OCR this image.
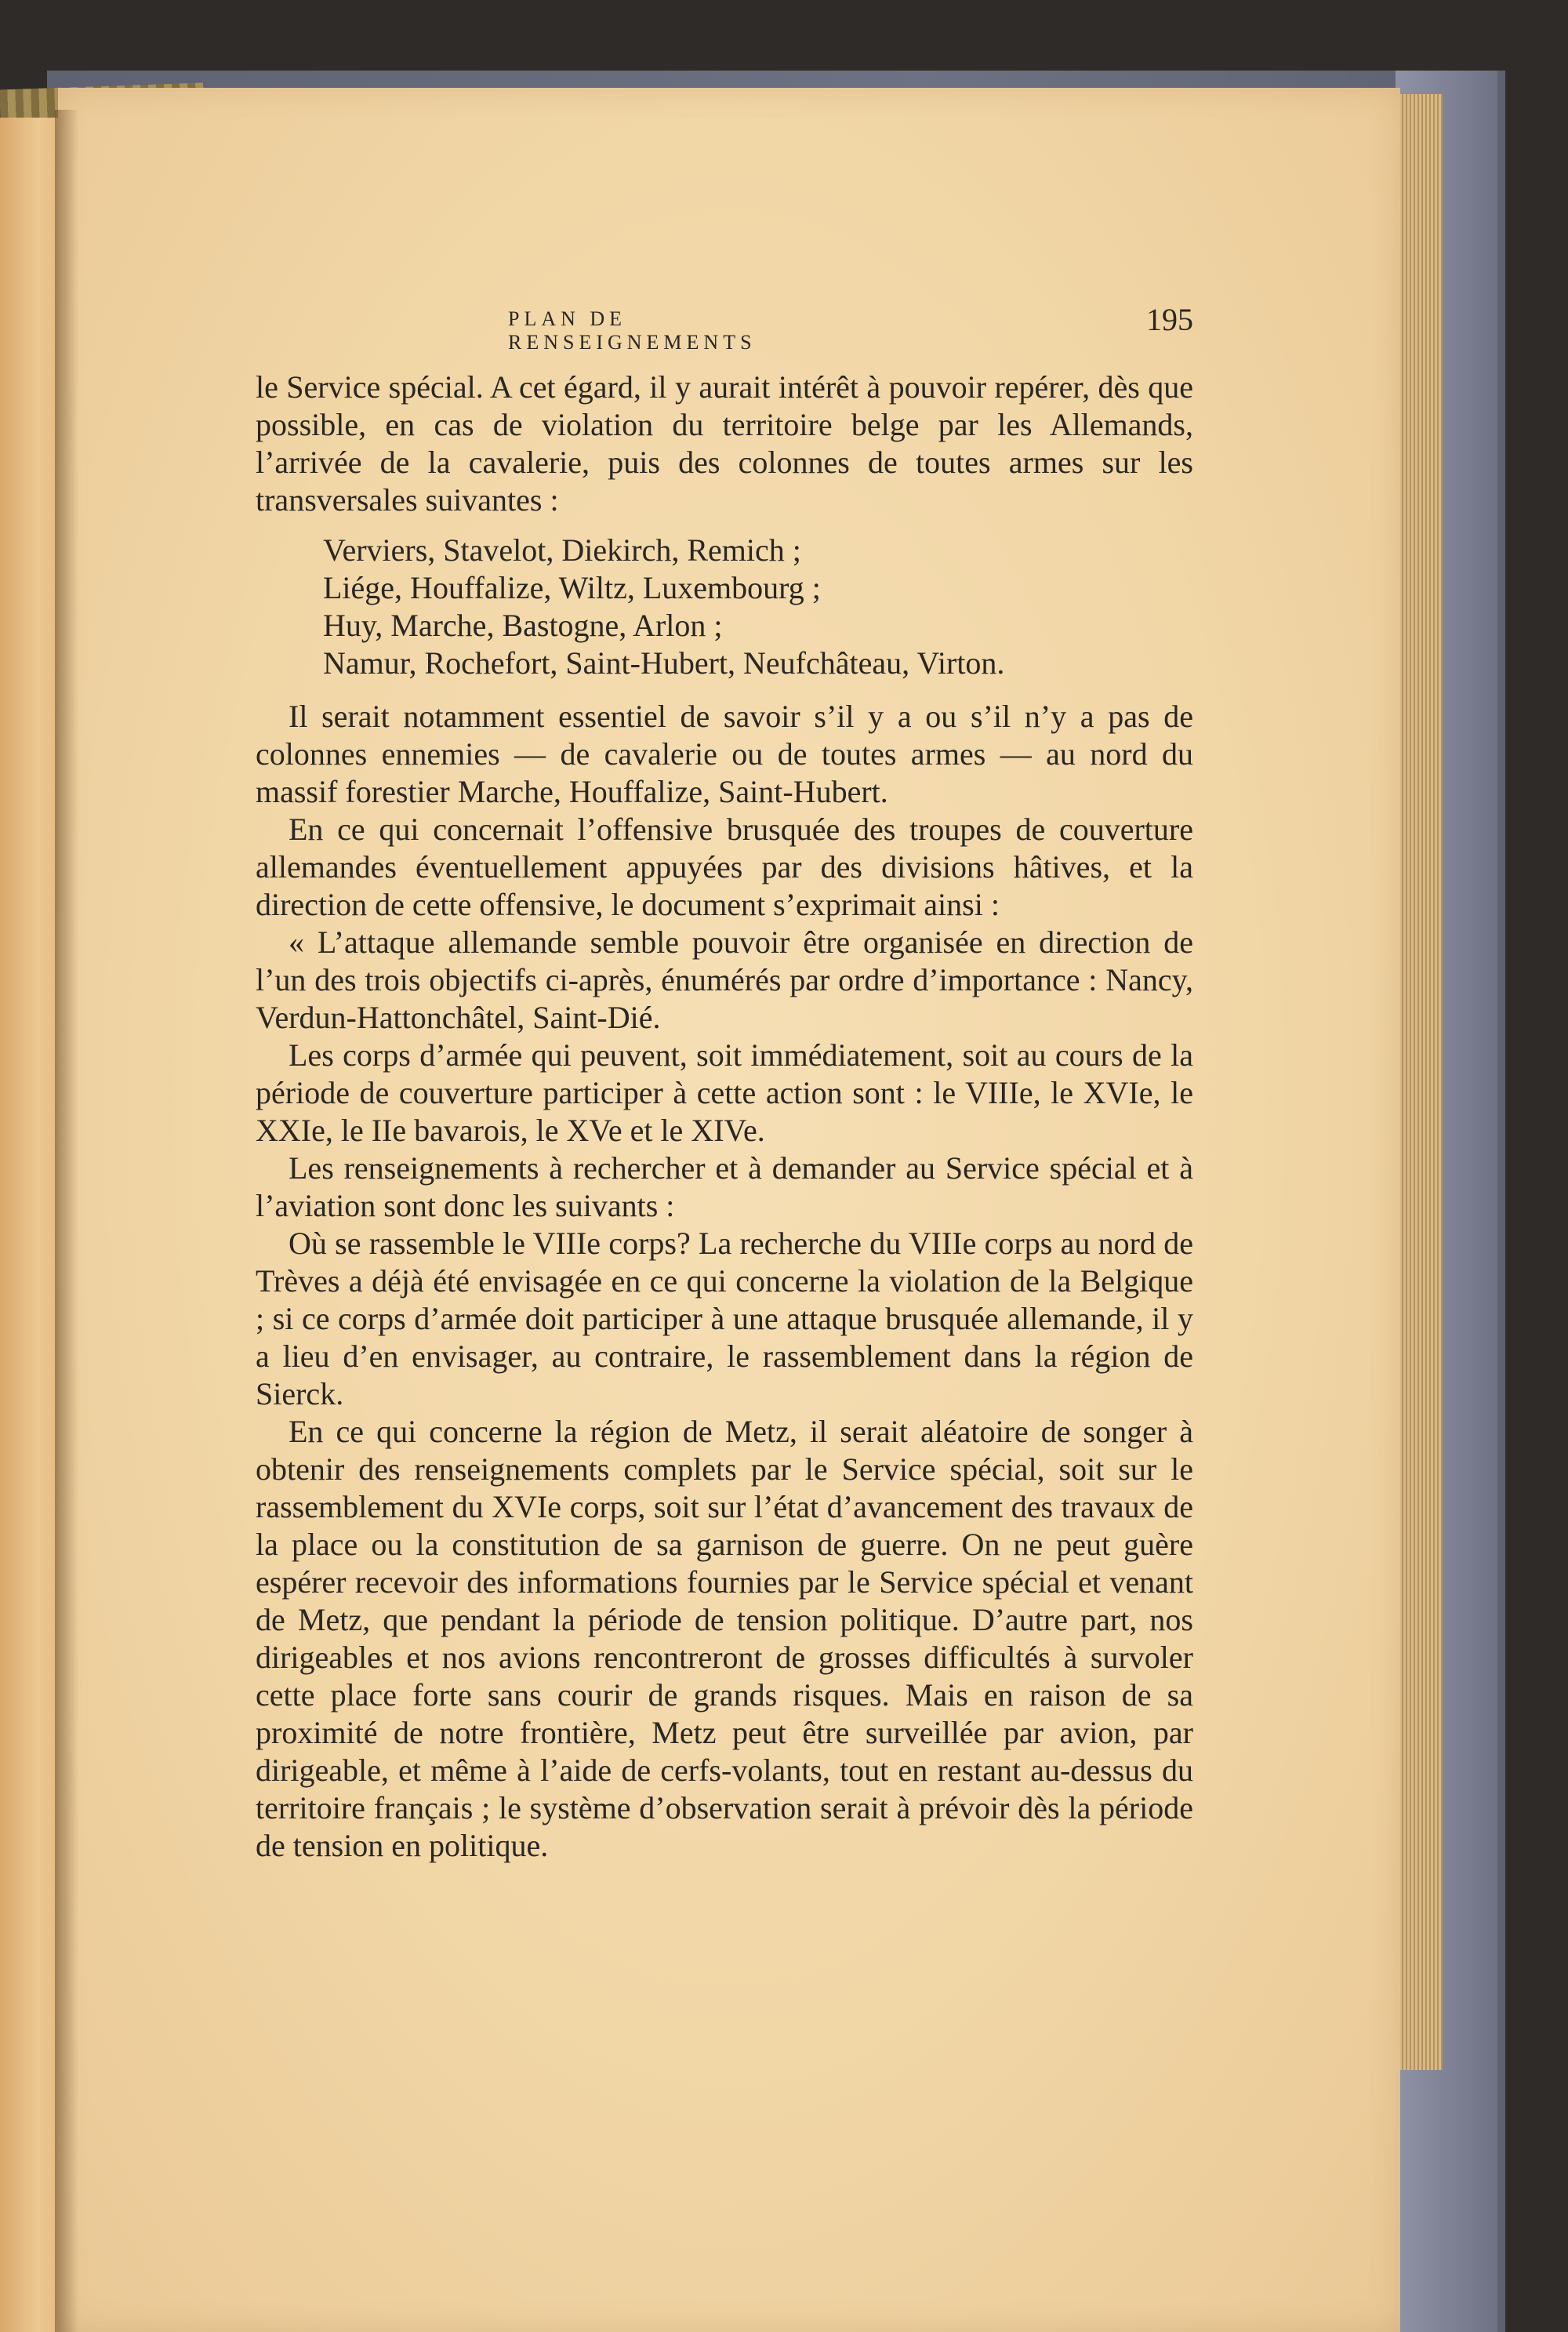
PLAN DE RENSEIGNEMENTS
195

le Service spécial. A cet égard, il y aurait intérêt à pouvoir repérer, dès que possible, en cas de violation du territoire belge par les Allemands, l’arrivée de la cavalerie, puis des colonnes de toutes armes sur les transversales suivantes :

Verviers, Stavelot, Diekirch, Remich ;
Liége, Houffalize, Wiltz, Luxembourg ;
Huy, Marche, Bastogne, Arlon ;
Namur, Rochefort, Saint-Hubert, Neufchâteau, Virton.

Il serait notamment essentiel de savoir s’il y a ou s’il n’y a pas de colonnes ennemies — de cavalerie ou de toutes armes — au nord du massif forestier Marche, Houffalize, Saint-Hubert.

En ce qui concernait l’offensive brusquée des troupes de couverture allemandes éventuellement appuyées par des divisions hâtives, et la direction de cette offensive, le document s’exprimait ainsi :

« L’attaque allemande semble pouvoir être organisée en direction de l’un des trois objectifs ci-après, énumérés par ordre d’importance : Nancy, Verdun-Hattonchâtel, Saint-Dié.

Les corps d’armée qui peuvent, soit immédiatement, soit au cours de la période de couverture participer à cette action sont : le VIIIe, le XVIe, le XXIe, le IIe bavarois, le XVe et le XIVe.

Les renseignements à rechercher et à demander au Service spécial et à l’aviation sont donc les suivants :

Où se rassemble le VIIIe corps? La recherche du VIIIe corps au nord de Trèves a déjà été envisagée en ce qui concerne la violation de la Belgique ; si ce corps d’armée doit participer à une attaque brusquée allemande, il y a lieu d’en envisager, au contraire, le rassemblement dans la région de Sierck.

En ce qui concerne la région de Metz, il serait aléatoire de songer à obtenir des renseignements complets par le Service spécial, soit sur le rassemblement du XVIe corps, soit sur l’état d’avancement des travaux de la place ou la constitution de sa garnison de guerre. On ne peut guère espérer recevoir des informations fournies par le Service spécial et venant de Metz, que pendant la période de tension politique. D’autre part, nos dirigeables et nos avions rencontreront de grosses difficultés à survoler cette place forte sans courir de grands risques. Mais en raison de sa proximité de notre frontière, Metz peut être surveillée par avion, par dirigeable, et même à l’aide de cerfs-volants, tout en restant au-dessus du territoire français ; le système d’observation serait à prévoir dès la période de tension en politique.
